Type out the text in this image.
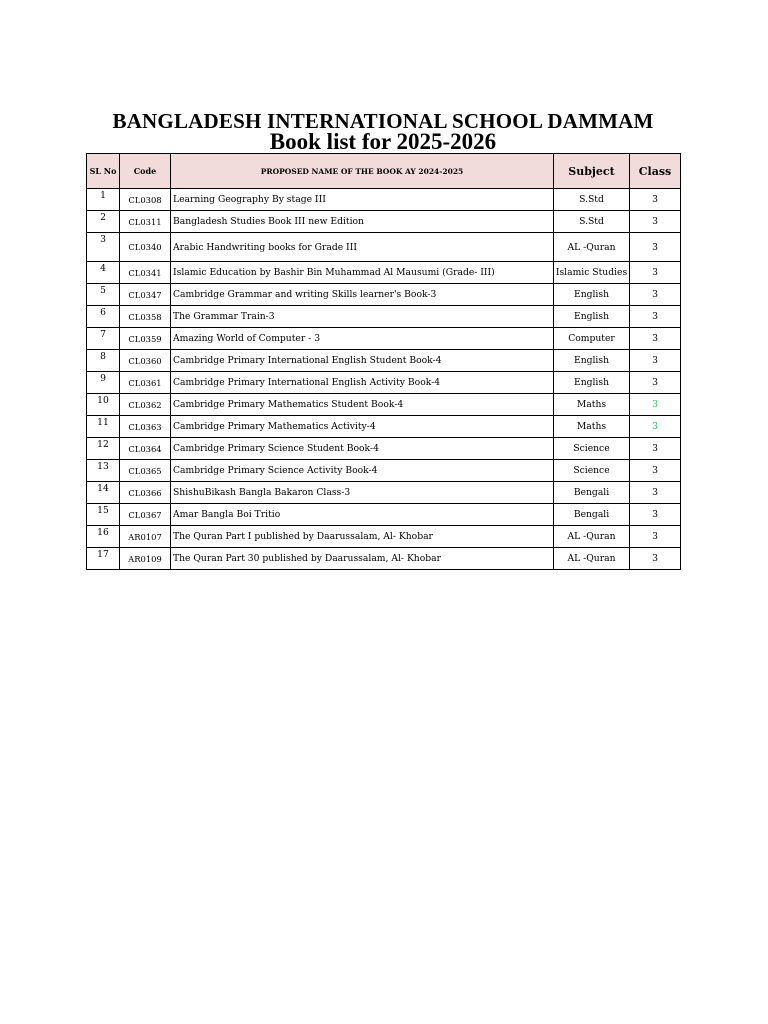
BANGLADESH INTERNATIONAL SCHOOL DAMMAM
Book list for 2025-2026
SL No	Code	PROPOSED NAME OF THE BOOK AY 2024-2025	Subject	Class
1	CL0308	Learning Geography By stage III	S.Std	3
2	CL0311	Bangladesh Studies Book III new Edition	S.Std	3
3	CL0340	Arabic Handwriting books for Grade III	AL -Quran	3
4	CL0341	Islamic Education by Bashir Bin Muhammad Al Mausumi (Grade- III)	Islamic Studies	3
5	CL0347	Cambridge Grammar and writing Skills learner's Book-3	English	3
6	CL0358	The Grammar Train-3	English	3
7	CL0359	Amazing World of Computer - 3	Computer	3
8	CL0360	Cambridge Primary International English Student Book-4	English	3
9	CL0361	Cambridge Primary International English Activity Book-4	English	3
10	CL0362	Cambridge Primary Mathematics Student Book-4	Maths	3
11	CL0363	Cambridge Primary Mathematics Activity-4	Maths	3
12	CL0364	Cambridge Primary Science Student Book-4	Science	3
13	CL0365	Cambridge Primary Science Activity Book-4	Science	3
14	CL0366	ShishuBikash Bangla Bakaron Class-3	Bengali	3
15	CL0367	Amar Bangla Boi Tritio	Bengali	3
16	AR0107	The Quran Part I published by Daarussalam, Al- Khobar	AL -Quran	3
17	AR0109	The Quran Part 30 published by Daarussalam, Al- Khobar	AL -Quran	3
